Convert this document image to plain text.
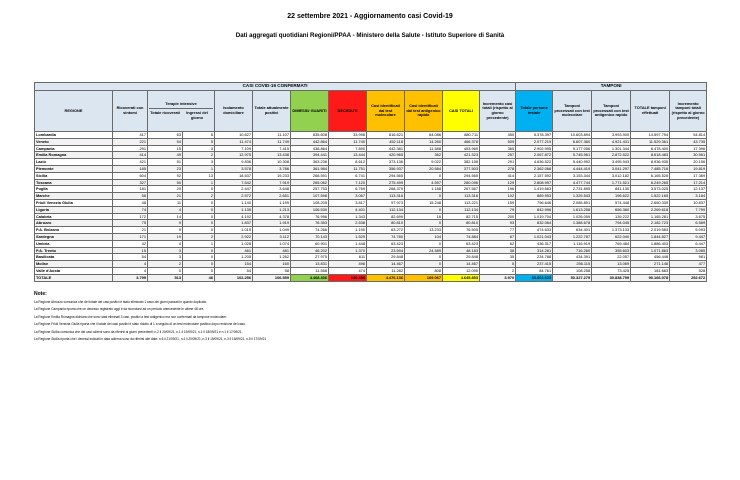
22 settembre 2021 - Aggiornamento casi Covid-19
Dati aggregati quotidiani Regioni/PPAA - Ministero della Salute - Istituto Superiore di Sanità
CASI COVID-19 CONFERMATI												TAMPONI				
REGIONE	Ricoverati con sintomi	Terapie intensive
Totale ricoverati Ingressi del giorno		Isolamento domiciliare	Totale attualmente positivi	DIMESSI/ GUARITI	DECEDUTI	Casi identificati dal test molecolare	Casi identificati dal test antigenico rapido	CASI TOTALI	Incremento casi totali (rispetto al giorno precedente)	Totale persone testate	Tamponi processati con test molecolare	Tamponi processati con test antigenico rapido	TOTALE tamponi effettuati	Incremento tamponi totali (rispetto al giorno precedente)
Lombardia	417	63	6	10.627	11.107	835.608	33.996	816.621	64.086	880.711	450	5.378.397	10.603.894	3.993.900	14.597.794	54.814
Veneto	221	54	5	11.474	11.749	442.864	11.740	452.118	14.260	466.378	509	2.077.219	6.607.360	4.921.431	11.529.361	43.735
Campania	291	15	3	7.109	7.415	438.864	7.890	442.381	11.588	453.969	365	2.902.995	5.177.056	1.301.344	6.478.400	17.396
Emilia Romagna	414	49	2	12.975	13.438	394.441	13.444	420.965	362	421.323	257	2.067.872	5.745.961	2.872.522	8.618.483	30.961
Lazio	421	51	3	9.836	10.308	363.236	8.612	373.136	9.022	382.158	291	4.636.522	5.440.992	3.495.943	8.936.935	20.156
Piemonte	185	23	1	3.578	3.786	361.984	11.751	356.937	20.584	377.503	278	2.362.066	4.444.419	3.041.297	7.485.716	19.819
Sicilia	604	92	13	18.537	19.233	268.591	6.741	294.565	0	294.565	414	2.157.592	3.153.344	3.012.182	6.165.526	17.369
Toscana	327	50	1	7.542	7.919	265.062	7.120	275.499	4.597	280.096	129	2.808.997	4.477.744	1.771.521	6.249.265	17.214
Puglia	181	20	0	2.447	3.648	257.753	6.769	268.379	1.188	267.567	196	1.419.663	2.731.895	841.130	3.573.025	12.137
Marche	58	21	2	2.572	2.651	107.598	3.067	113.316	0	113.316	102	889.953	1.325.543	196.622	1.522.165	3.184
Friuli Venezia Giulia	48	11	0	1.140	1.199	108.205	3.817	97.973	15.248	113.221	159	796.646	2.085.891	574.448	2.660.339	10.837
Liguria	74	4	0	1.135	1.213	106.530	4.401	112.134	0	112.134	79	842.996	1.613.258	656.360	2.269.618	7.799
Calabria	172	14	0	4.192	4.378	76.996	1.343	82.699	16	82.715	200	1.019.704	1.026.059	139.222	1.165.281	3.675
Abruzzo	75	9	0	1.837	1.919	76.353	2.538	80.810	0	80.810	93	832.064	1.388.678	794.045	2.182.723	6.589
P.A. Bolzano	21	9	0	1.019	1.049	74.266	1.190	63.272	13.233	76.505	77	474.633	634.401	1.373.133	2.019.583	5.093
Sardegna	171	19	2	2.922	3.112	70.143	1.529	74.780	104	74.884	67	1.021.043	1.222.787	622.040	1.844.827	9.447
Umbria	42	4	1	1.028	1.074	60.901	1.448	63.423	0	63.423	62	436.317	1.116.919	769.484	1.886.403	6.447
P.A. Trento	15	3	0	461	481	46.202	1.370	23.594	24.589	48.183	38	314.281	716.260	355.603	1.071.863	3.085
Basilicata	54	3	0	1.205	1.262	27.975	611	29.848	0	29.848	35	234.788	434.391	22.057	456.448	981
Molise	4	2	0	154	160	13.831	496	14.467	0	14.467	5	237.415	256.115	13.069	271.146	477
Valle d'Aosta	4	0	0	54	58	11.558	474	11.282	808	12.090	2	84.761	108.258	73.425	181.683	528
TOTALE	3.799	513	46	102.256	106.559	4.468.406	130.488	4.476.136	169.067	4.645.853	3.970	33.802.623	50.327.279	30.838.799	90.166.078	292.672
Note:
La Regione Abruzzo comunica che del totale dei casi positivi è stato eliminato 1 caso dei giorni passati in quanto duplicato.
La Regione Campania riporta che un decesso registrato oggi è da ricondursi ad un periodo antecedente le ultime 48 ore.
La Regione Emilia Romagna dichiara che sono stati eliminati 3 casi, positivi a test antigenico ma non confermati da tampone molecolare.
La Regione Friuli Venezia Giulia riporta che il totale dei casi positivi è stato ridotto di 1 a seguito di un test molecolare positivo dopo revisione del caso.
La Regione Sicilia comunica che dei casi odierni sono da riferirsi ai giorni precedenti: n.2 il 20/09/21, n.1 il 19/09/21, n.1 il 18/09/21 e n.1 il 17/09/21.
La Regione Sicilia riporta che i decessi indicati in data odierna sono da riferirsi alle date: n.6 il 21/09/21, n.4 il 20/09/21, n.3 il 19/09/21, n.3 il 18/09/21, n.5 il 17/09/21
